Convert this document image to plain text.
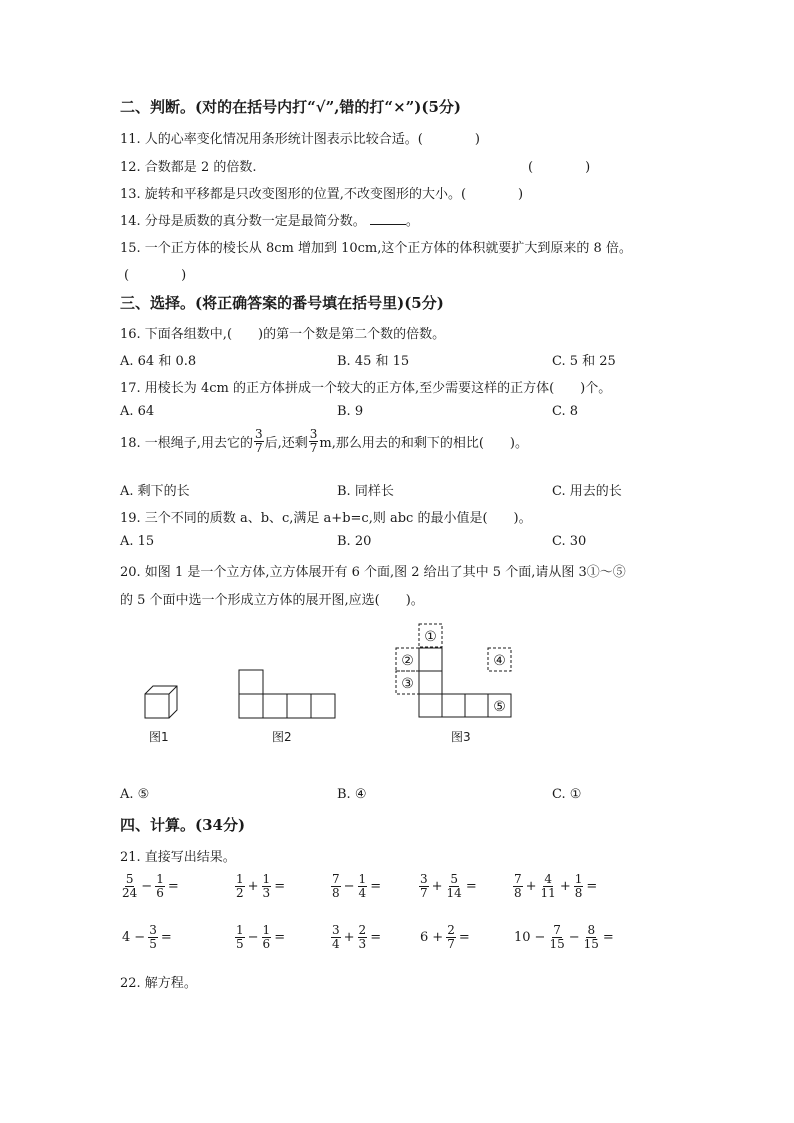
二、判断。(对的在括号内打“√”,错的打“×”)(5分)
11. 人的心率变化情况用条形统计图表示比较合适。(　　　　)
12. 合数都是 2 的倍数.	(　　　　)
13. 旋转和平移都是只改变图形的位置,不改变图形的大小。(　　　　)
14. 分母是质数的真分数一定是最简分数。	。
15. 一个正方体的棱长从 8cm 增加到 10cm,这个正方体的体积就要扩大到原来的 8 倍。
(　　　　)
三、选择。(将正确答案的番号填在括号里)(5分)
16. 下面各组数中,(　　)的第一个数是第二个数的倍数。
A. 64 和 0.8	B. 45 和 15	C. 5 和 25
17. 用棱长为 4cm 的正方体拼成一个较大的正方体,至少需要这样的正方体(　　)个。
A. 64	B. 9	C. 8
18. 一根绳子,用去它的 $\frac{3}{7}$ 后,还剩 $\frac{3}{7} m$,那么用去的和剩下的相比(　　)。
A. 剩下的长	B. 同样长	C. 用去的长
19. 三个不同的质数 a、b、c,满足 a+b=c,则 abc 的最小值是(　　)。
A. 15	B. 20	C. 30
20. 如图 1 是一个立方体,立方体展开有 6 个面,图 2 给出了其中 5 个面,请从图 3①～⑤
的 5 个面中选一个形成立方体的展开图,应选(　　)。
图1	图2
①
②
③
④
⑤
图3
A. ⑤	B. ④	C. ①
四、计算。(34分)
21. 直接写出结果。
$\frac{5}{24} - \frac{1}{6}$ =	$\frac{1}{2} + \frac{1}{3}$ =	$\frac{7}{8} - \frac{1}{4}$ =	$\frac{3}{7} + \frac{5}{14}$ =	$\frac{7}{8} + \frac{4}{11} + \frac{1}{8}$ =
$4 - \frac{3}{5}$ =	$\frac{1}{5} - \frac{1}{6}$ =	$\frac{3}{4} + \frac{2}{3}$ =	$6 + \frac{2}{7}$ =	$10 - \frac{7}{15} - \frac{8}{15}$ =
22. 解方程。
